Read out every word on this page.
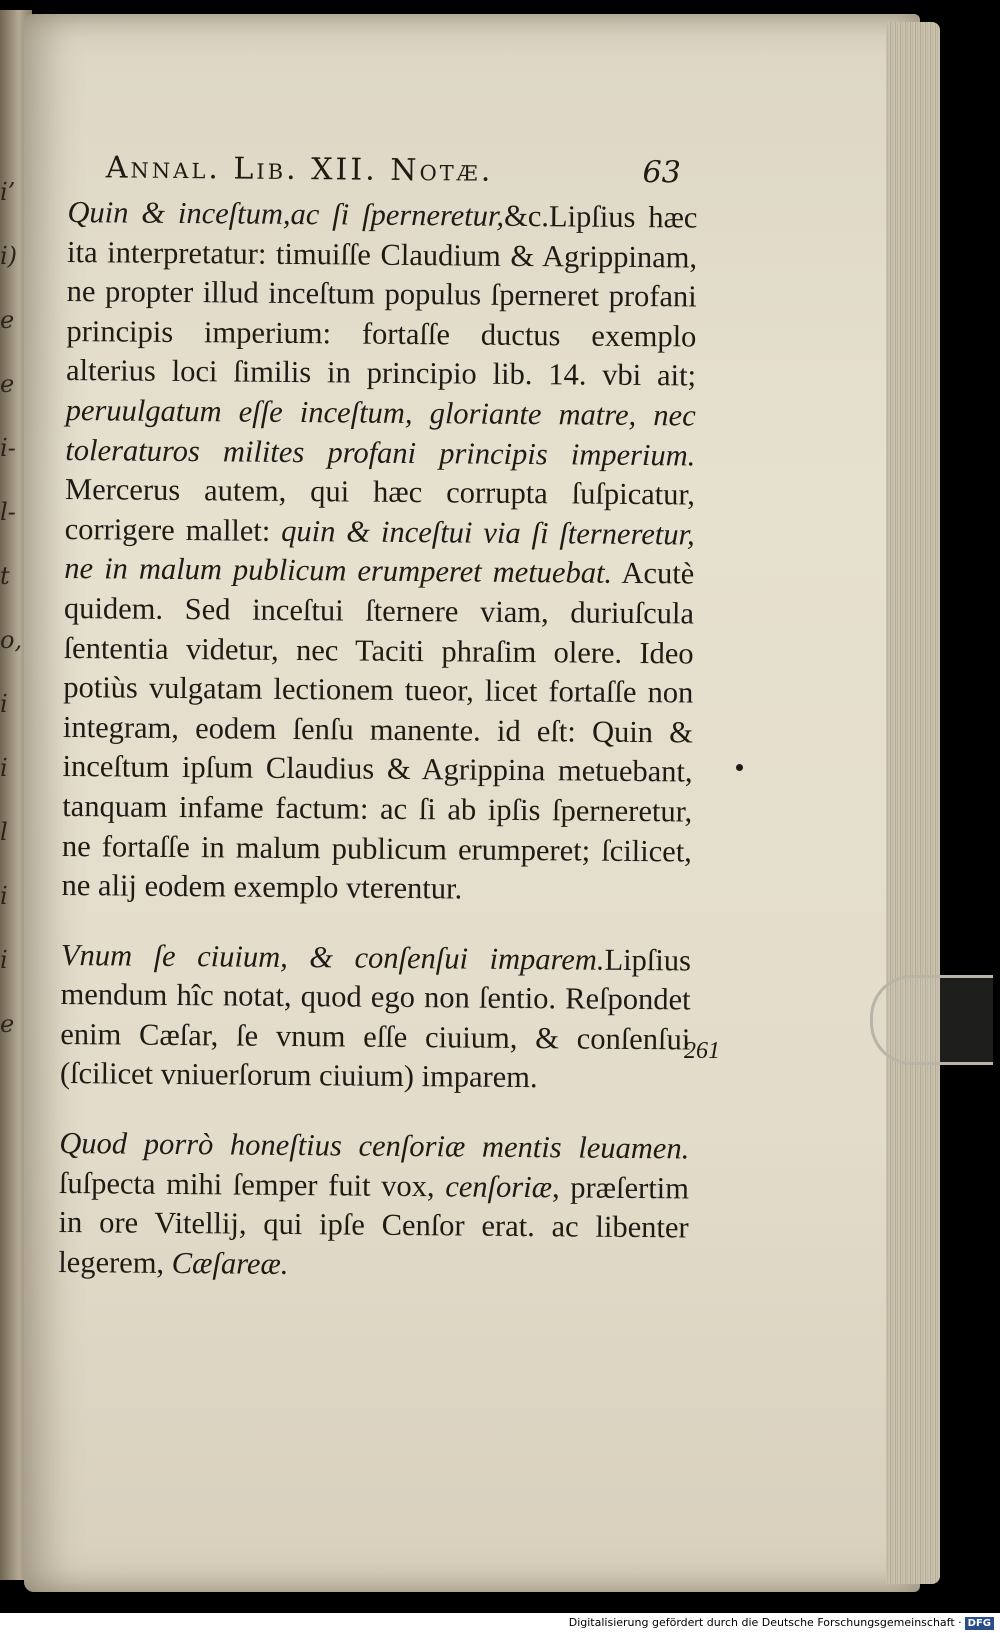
i’
i)
e
e
i-
l-
t
o,
i
i
l
i
i
e
Annal. Lib. XII. Notæ.	63

Quin & inceſtum,ac ſi ſperneretur,&c.Lipſius hæc ita interpretatur: timuiſſe Claudium & Agrippinam, ne propter illud inceſtum populus ſperneret profani principis imperium: fortaſſe ductus exemplo alterius loci ſimilis in principio lib. 14. vbi ait; peruulgatum eſſe inceſtum, gloriante matre, nec toleraturos milites profani principis imperium. Mercerus autem, qui hæc corrupta ſuſpicatur, corrigere mallet: quin & inceſtui via ſi ſterneretur, ne in malum publicum erumperet metuebat. Acutè quidem. Sed inceſtui ſternere viam, duriuſcula ſententia videtur, nec Taciti phraſim olere. Ideo potiùs vulgatam lectionem tueor, licet fortaſſe non integram, eodem ſenſu manente. id eſt: Quin & inceſtum ipſum Claudius & Agrippina metuebant, tanquam infame factum: ac ſi ab ipſis ſperneretur, ne fortaſſe in malum publicum erumperet; ſcilicet, ne alij eodem exemplo vterentur.

Vnum ſe ciuium, & conſenſui imparem.Lipſius mendum hîc notat, quod ego non ſentio. Reſpondet enim Cæſar, ſe vnum eſſe ciuium, & conſenſui (ſcilicet vniuerſorum ciuium) imparem.

Quod porrò honeſtius cenſoriæ mentis leuamen. ſuſpecta mihi ſemper fuit vox, cenſoriæ, præſertim in ore Vitellij, qui ipſe Cenſor erat. ac libenter legerem, Cæſareæ.

261
Digitalisierung gefördert durch die Deutsche Forschungsgemeinschaft · DFG
